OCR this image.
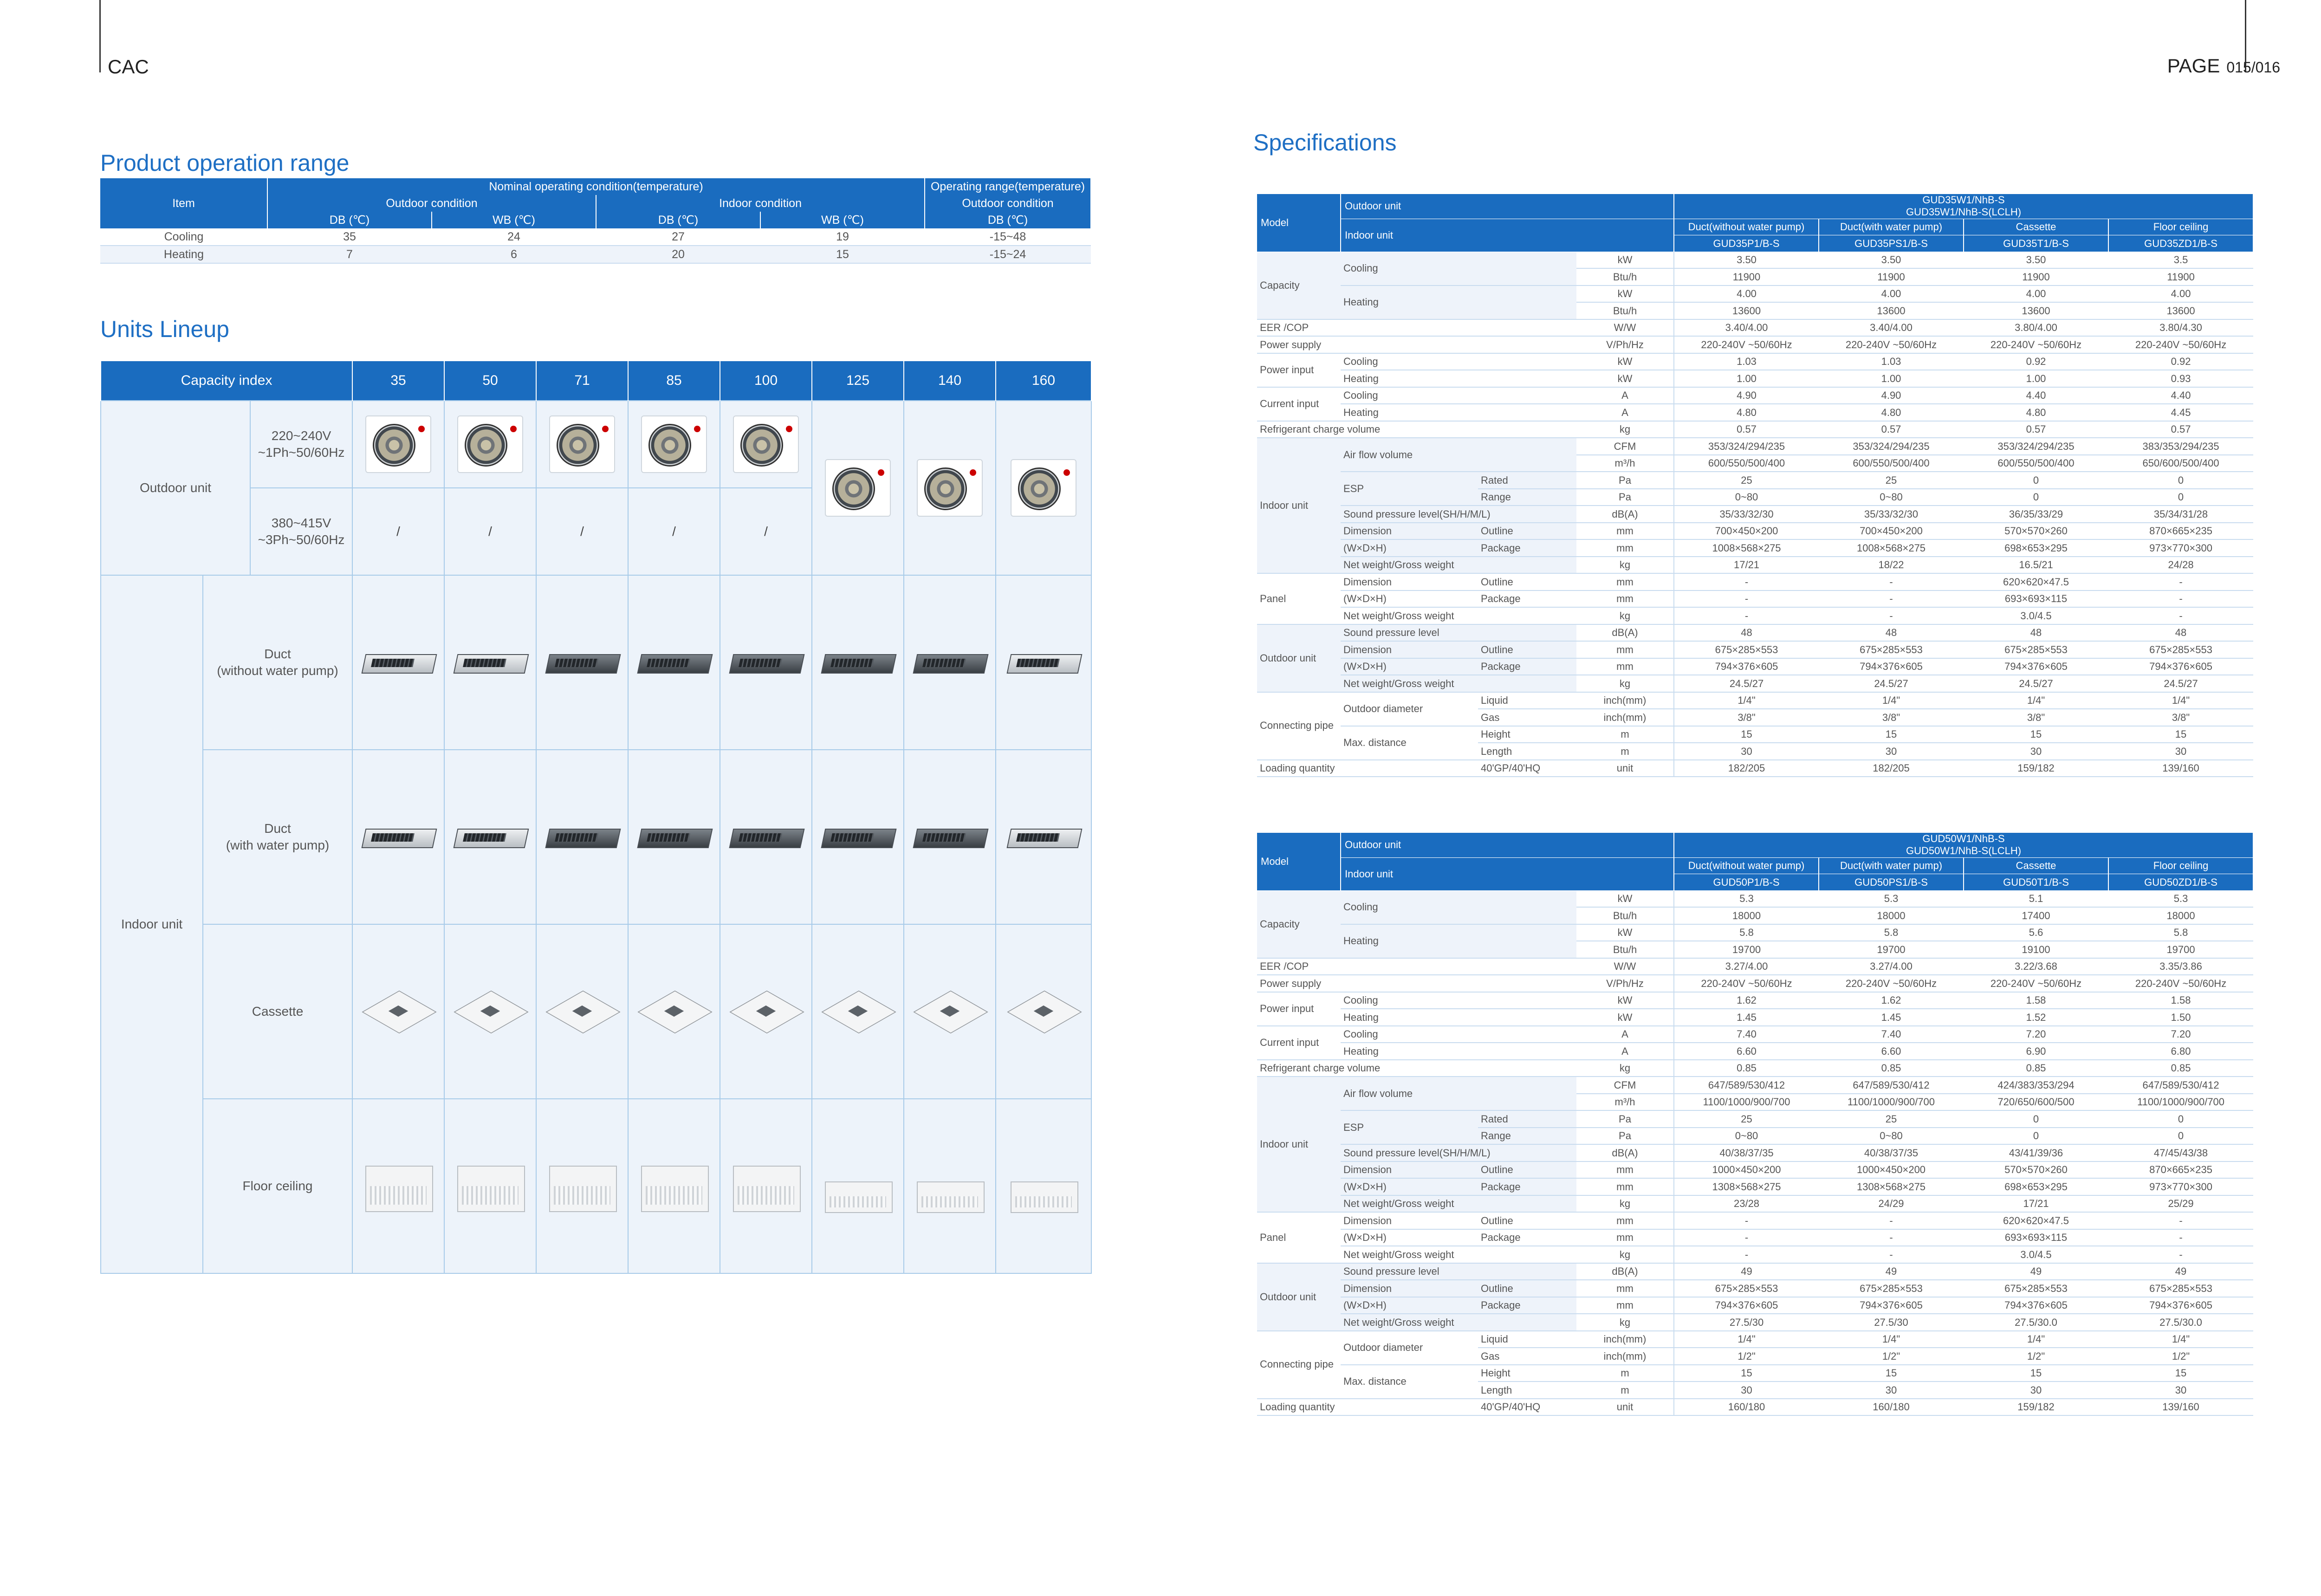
CAC	PAGE 015/016
Product operation range
Item	Nominal operating condition(temperature)				Operating range(temperature)
	Outdoor condition		Indoor condition		Outdoor condition
	DB (℃)	WB (℃)	DB (℃)	WB (℃)	DB (℃)
Cooling	35	24	27	19	-15~48
Heating	7	6	20	15	-15~24
Units Lineup
Capacity index			35	50	71	85	100	125	140	160
Outdoor unit		220~240V
~1Ph~50/60Hz	

		380~415V
~3Ph~50/60Hz	/	/	/	/	/			
Indoor unit	Duct
(without water pump)		

	Duct
(with water pump)		

	Cassette		

	Floor ceiling		

Specifications
Model	Outdoor unit			GUD35W1/NhB-S
GUD35W1/NhB-S(LCLH)			

	Indoor unit			Duct(without water pump)	Duct(with water pump)	Cassette	Floor ceiling
				GUD35P1/B-S	GUD35PS1/B-S	GUD35T1/B-S	GUD35ZD1/B-S
Capacity	Cooling		kW	3.50	3.50	3.50	3.5
			Btu/h	11900	11900	11900	11900
	Heating		kW	4.00	4.00	4.00	4.00
			Btu/h	13600	13600	13600	13600
EER /COP			W/W	3.40/4.00	3.40/4.00	3.80/4.00	3.80/4.30
Power supply			V/Ph/Hz	220-240V ~50/60Hz	220-240V ~50/60Hz	220-240V ~50/60Hz	220-240V ~50/60Hz
Power input	Cooling		kW	1.03	1.03	0.92	0.92
	Heating		kW	1.00	1.00	1.00	0.93
Current input	Cooling		A	4.90	4.90	4.40	4.40
	Heating		A	4.80	4.80	4.80	4.45
Refrigerant charge volume			kg	0.57	0.57	0.57	0.57
Indoor unit	Air flow volume		CFM	353/324/294/235	353/324/294/235	353/324/294/235	383/353/294/235
			m³/h	600/550/500/400	600/550/500/400	600/550/500/400	650/600/500/400
	ESP	Rated	Pa	25	25	0	0
		Range	Pa	0~80	0~80	0	0
	Sound pressure level(SH/H/M/L)		dB(A)	35/33/32/30	35/33/32/30	36/35/33/29	35/34/31/28
	Dimension	Outline	mm	700×450×200	700×450×200	570×570×260	870×665×235
	(W×D×H)	Package	mm	1008×568×275	1008×568×275	698×653×295	973×770×300
	Net weight/Gross weight		kg	17/21	18/22	16.5/21	24/28
Panel	Dimension	Outline	mm	-	-	620×620×47.5	-
	(W×D×H)	Package	mm	-	-	693×693×115	-
	Net weight/Gross weight		kg	-	-	3.0/4.5	-
Outdoor unit	Sound pressure level		dB(A)	48	48	48	48
	Dimension	Outline	mm	675×285×553	675×285×553	675×285×553	675×285×553
	(W×D×H)	Package	mm	794×376×605	794×376×605	794×376×605	794×376×605
	Net weight/Gross weight		kg	24.5/27	24.5/27	24.5/27	24.5/27
Connecting pipe	Outdoor diameter	Liquid	inch(mm)	1/4"	1/4"	1/4"	1/4"
		Gas	inch(mm)	3/8"	3/8"	3/8"	3/8"
	Max. distance	Height	m	15	15	15	15
		Length	m	30	30	30	30
Loading quantity		40'GP/40'HQ	unit	182/205	182/205	159/182	139/160
Model	Outdoor unit			GUD50W1/NhB-S
GUD50W1/NhB-S(LCLH)			

	Indoor unit			Duct(without water pump)	Duct(with water pump)	Cassette	Floor ceiling
				GUD50P1/B-S	GUD50PS1/B-S	GUD50T1/B-S	GUD50ZD1/B-S
Capacity	Cooling		kW	5.3	5.3	5.1	5.3
			Btu/h	18000	18000	17400	18000
	Heating		kW	5.8	5.8	5.6	5.8
			Btu/h	19700	19700	19100	19700
EER /COP			W/W	3.27/4.00	3.27/4.00	3.22/3.68	3.35/3.86
Power supply			V/Ph/Hz	220-240V ~50/60Hz	220-240V ~50/60Hz	220-240V ~50/60Hz	220-240V ~50/60Hz
Power input	Cooling		kW	1.62	1.62	1.58	1.58
	Heating		kW	1.45	1.45	1.52	1.50
Current input	Cooling		A	7.40	7.40	7.20	7.20
	Heating		A	6.60	6.60	6.90	6.80
Refrigerant charge volume			kg	0.85	0.85	0.85	0.85
Indoor unit	Air flow volume		CFM	647/589/530/412	647/589/530/412	424/383/353/294	647/589/530/412
			m³/h	1100/1000/900/700	1100/1000/900/700	720/650/600/500	1100/1000/900/700
	ESP	Rated	Pa	25	25	0	0
		Range	Pa	0~80	0~80	0	0
	Sound pressure level(SH/H/M/L)		dB(A)	40/38/37/35	40/38/37/35	43/41/39/36	47/45/43/38
	Dimension	Outline	mm	1000×450×200	1000×450×200	570×570×260	870×665×235
	(W×D×H)	Package	mm	1308×568×275	1308×568×275	698×653×295	973×770×300
	Net weight/Gross weight		kg	23/28	24/29	17/21	25/29
Panel	Dimension	Outline	mm	-	-	620×620×47.5	-
	(W×D×H)	Package	mm	-	-	693×693×115	-
	Net weight/Gross weight		kg	-	-	3.0/4.5	-
Outdoor unit	Sound pressure level		dB(A)	49	49	49	49
	Dimension	Outline	mm	675×285×553	675×285×553	675×285×553	675×285×553
	(W×D×H)	Package	mm	794×376×605	794×376×605	794×376×605	794×376×605
	Net weight/Gross weight		kg	27.5/30	27.5/30	27.5/30.0	27.5/30.0
Connecting pipe	Outdoor diameter	Liquid	inch(mm)	1/4"	1/4"	1/4"	1/4"
		Gas	inch(mm)	1/2"	1/2"	1/2"	1/2"
	Max. distance	Height	m	15	15	15	15
		Length	m	30	30	30	30
Loading quantity		40'GP/40'HQ	unit	160/180	160/180	159/182	139/160
